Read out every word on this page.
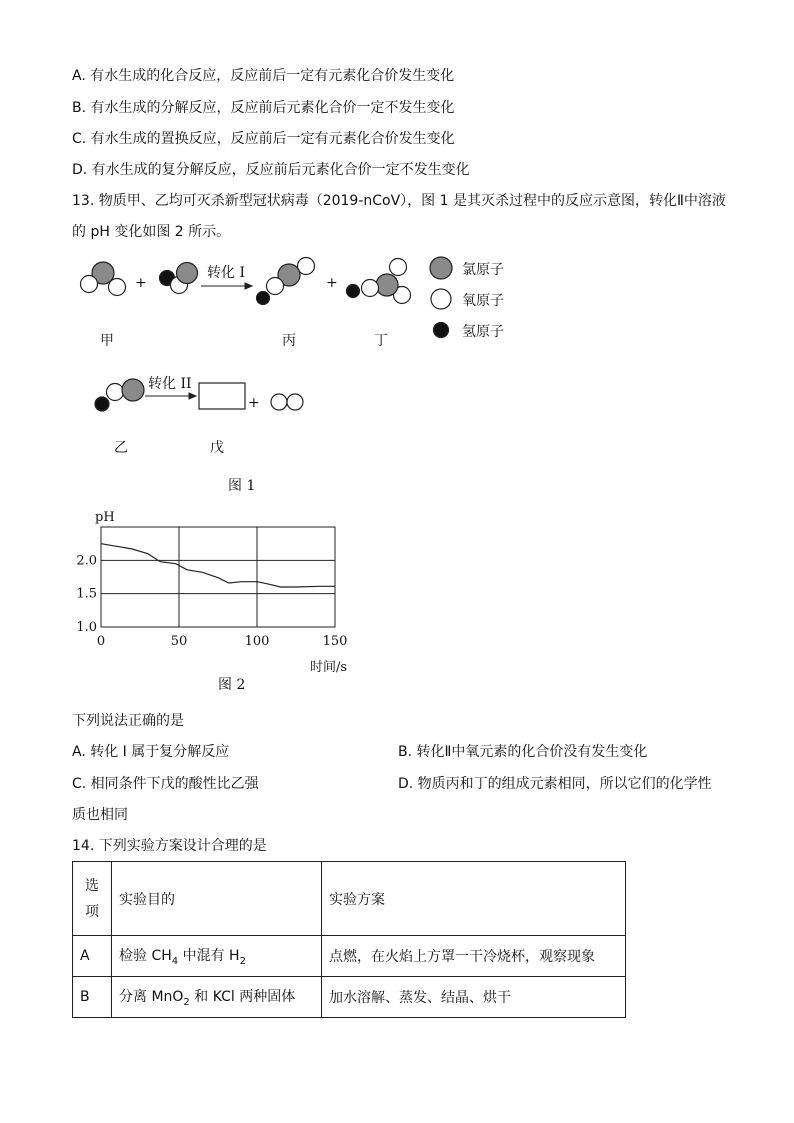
A. 有水生成的化合反应，反应前后一定有元素化合价发生变化
B. 有水生成的分解反应，反应前后元素化合价一定不发生变化
C. 有水生成的置换反应，反应前后一定有元素化合价发生变化
D. 有水生成的复分解反应，反应前后元素化合价一定不发生变化
13. 物质甲、乙均可灭杀新型冠状病毒（2019-nCoV），图 1 是其灭杀过程中的反应示意图，转化Ⅱ中溶液
的 pH 变化如图 2 所示。
+	+
+
转化 I
转化 II
甲	丙	丁
乙	戊
氯原子
氧原子
氢原子
图 1
pH
1.0
1.5
2.0
0	50	100	150
时间/s
图 2
下列说法正确的是
A. 转化 I 属于复分解反应	B. 转化Ⅱ中氧元素的化合价没有发生变化
C. 相同条件下戊的酸性比乙强	D. 物质丙和丁的组成元素相同，所以它们的化学性
质也相同
14. 下列实验方案设计合理的是
选
项	实验目的	实验方案
A	检验 $CH_4$ 中混有 $H_2$	点燃，在火焰上方罩一干冷烧杯，观察现象
B	分离 MnO$_2$ 和 KCl 两种固体	加水溶解、蒸发、结晶、烘干
